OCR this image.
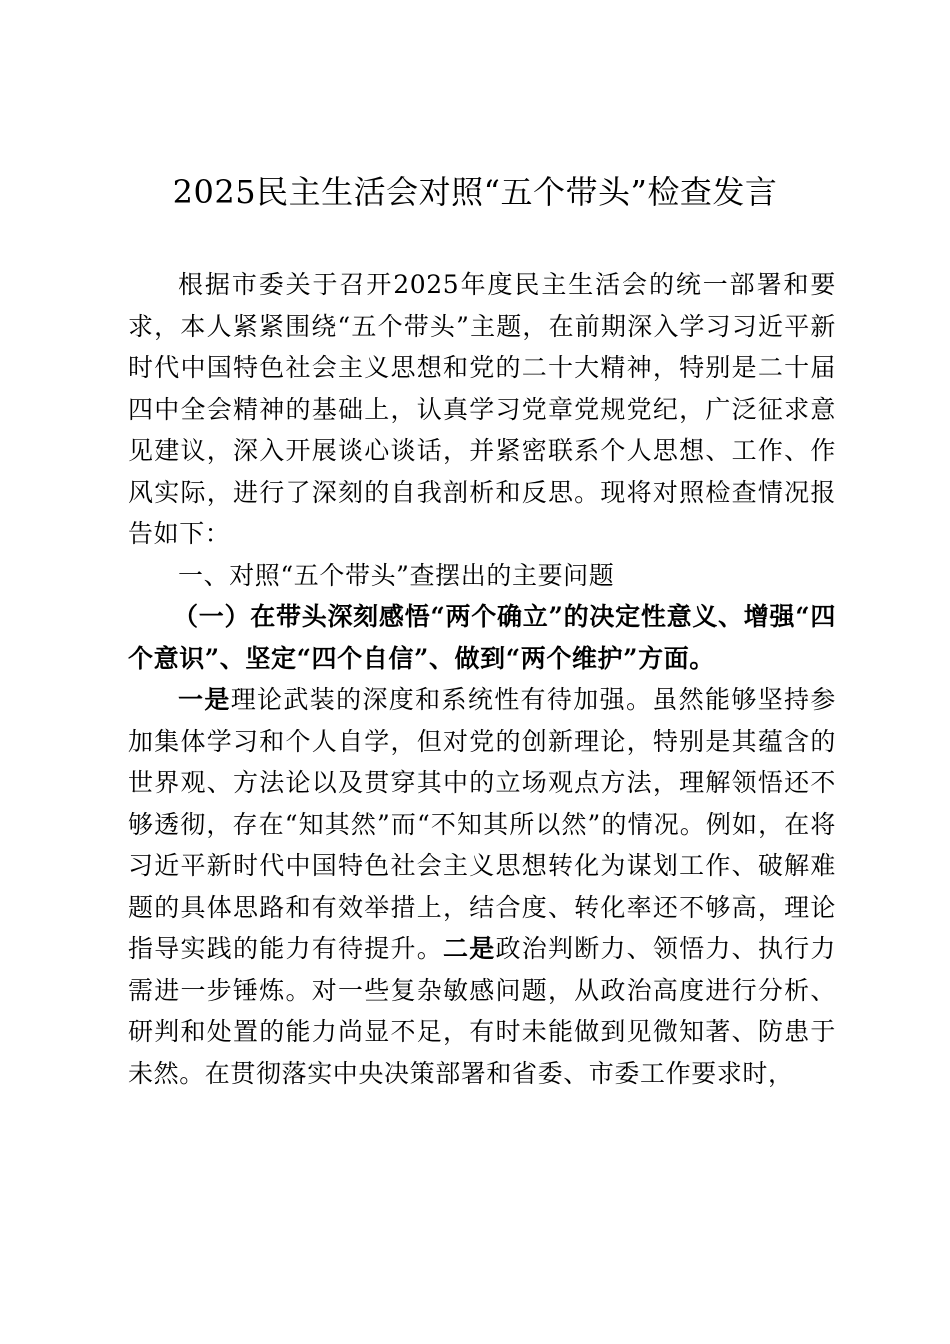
2025民主生活会对照“五个带头”检查发言

根据市委关于召开2025年度民主生活会的统一部署和要求，本人紧紧围绕“五个带头”主题，在前期深入学习习近平新时代中国特色社会主义思想和党的二十大精神，特别是二十届四中全会精神的基础上，认真学习党章党规党纪，广泛征求意见建议，深入开展谈心谈话，并紧密联系个人思想、工作、作风实际，进行了深刻的自我剖析和反思。现将对照检查情况报告如下：

一、对照“五个带头”查摆出的主要问题

（一）在带头深刻感悟“两个确立”的决定性意义、增强“四个意识”、坚定“四个自信”、做到“两个维护”方面。

一是理论武装的深度和系统性有待加强。虽然能够坚持参加集体学习和个人自学，但对党的创新理论，特别是其蕴含的世界观、方法论以及贯穿其中的立场观点方法，理解领悟还不够透彻，存在“知其然”而“不知其所以然”的情况。例如，在将习近平新时代中国特色社会主义思想转化为谋划工作、破解难题的具体思路和有效举措上，结合度、转化率还不够高，理论指导实践的能力有待提升。二是政治判断力、领悟力、执行力需进一步锤炼。对一些复杂敏感问题，从政治高度进行分析、研判和处置的能力尚显不足，有时未能做到见微知著、防患于未然。在贯彻落实中央决策部署和省委、市委工作要求时，
